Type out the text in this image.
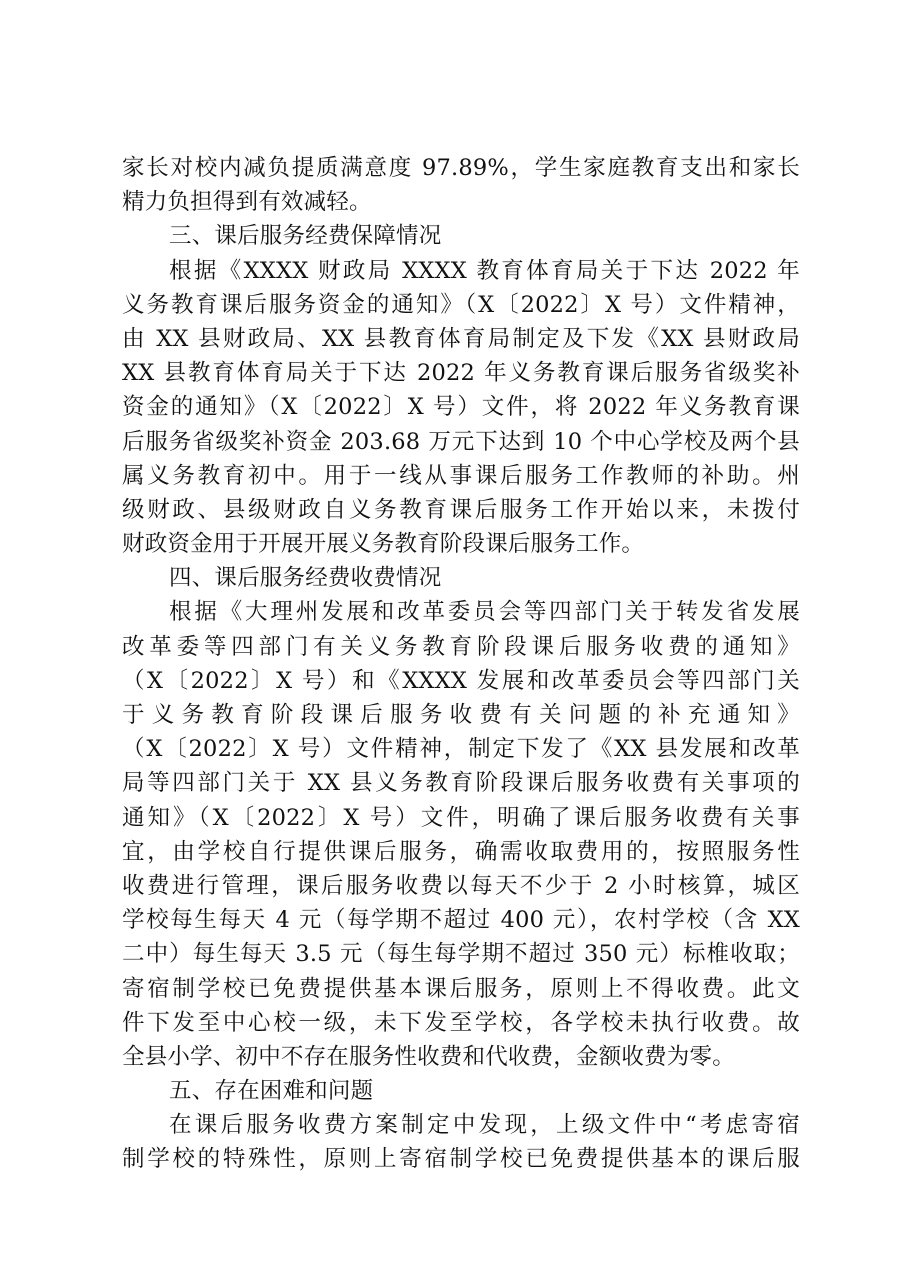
家长对校内减负提质满意度 97.89%，学生家庭教育支出和家长
精力负担得到有效减轻。
三、课后服务经费保障情况
根据《XXXX 财政局 XXXX 教育体育局关于下达 2022 年
义务教育课后服务资金的通知》（X〔2022〕X 号）文件精神，
由 XX 县财政局、XX 县教育体育局制定及下发《XX 县财政局
XX 县教育体育局关于下达 2022 年义务教育课后服务省级奖补
资金的通知》（X〔2022〕X 号）文件，将 2022 年义务教育课
后服务省级奖补资金 203.68 万元下达到 10 个中心学校及两个县
属义务教育初中。用于一线从事课后服务工作教师的补助。州
级财政、县级财政自义务教育课后服务工作开始以来，未拨付
财政资金用于开展开展义务教育阶段课后服务工作。
四、课后服务经费收费情况
根据《大理州发展和改革委员会等四部门关于转发省发展
改革委等四部门有关义务教育阶段课后服务收费的通知》
（X〔2022〕X 号）和《XXXX 发展和改革委员会等四部门关
于义务教育阶段课后服务收费有关问题的补充通知》
（X〔2022〕X 号）文件精神，制定下发了《XX 县发展和改革
局等四部门关于 XX 县义务教育阶段课后服务收费有关事项的
通知》（X〔2022〕X 号）文件，明确了课后服务收费有关事
宜，由学校自行提供课后服务，确需收取费用的，按照服务性
收费进行管理，课后服务收费以每天不少于 2 小时核算，城区
学校每生每天 4 元（每学期不超过 400 元），农村学校（含 XX
二中）每生每天 3.5 元（每生每学期不超过 350 元）标椎收取；
寄宿制学校已免费提供基本课后服务，原则上不得收费。此文
件下发至中心校一级，未下发至学校，各学校未执行收费。故
全县小学、初中不存在服务性收费和代收费，金额收费为零。
五、存在困难和问题
在课后服务收费方案制定中发现，上级文件中“考虑寄宿
制学校的特殊性，原则上寄宿制学校已免费提供基本的课后服
